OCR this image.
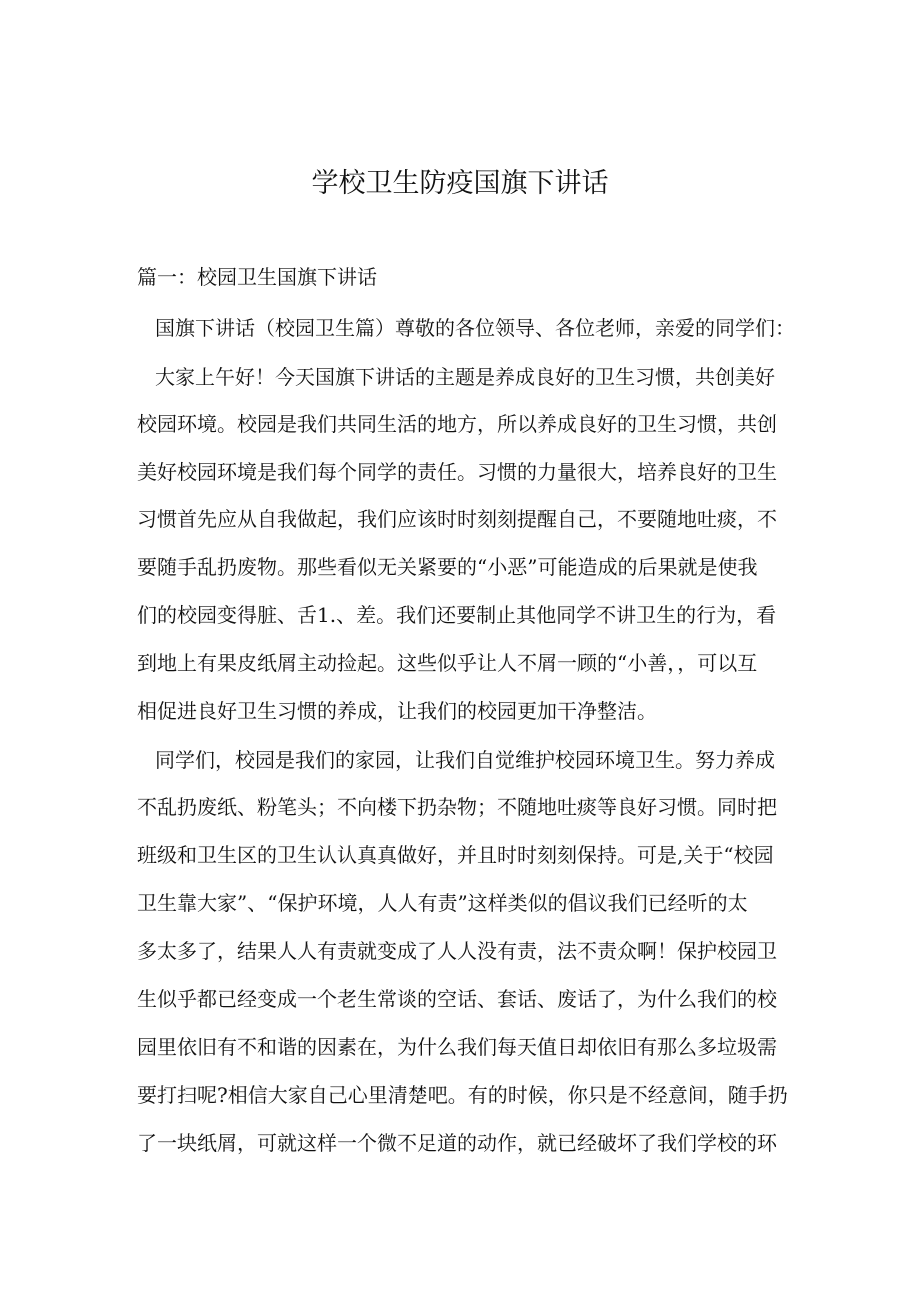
学校卫生防疫国旗下讲话
篇一：校园卫生国旗下讲话
国旗下讲话（校园卫生篇）尊敬的各位领导、各位老师，亲爱的同学们：
大家上午好！今天国旗下讲话的主题是养成良好的卫生习惯，共创美好
校园环境。校园是我们共同生活的地方，所以养成良好的卫生习惯，共创
美好校园环境是我们每个同学的责任。习惯的力量很大，培养良好的卫生
习惯首先应从自我做起，我们应该时时刻刻提醒自己，不要随地吐痰，不
要随手乱扔废物。那些看似无关紧要的“小恶”可能造成的后果就是使我
们的校园变得脏、舌1.、差。我们还要制止其他同学不讲卫生的行为，看
到地上有果皮纸屑主动捡起。这些似乎让人不屑一顾的“小善，，可以互
相促进良好卫生习惯的养成，让我们的校园更加干净整洁。
同学们，校园是我们的家园，让我们自觉维护校园环境卫生。努力养成
不乱扔废纸、粉笔头；不向楼下扔杂物；不随地吐痰等良好习惯。同时把
班级和卫生区的卫生认认真真做好，并且时时刻刻保持。可是,关于“校园
卫生靠大家”、“保护环境，人人有责”这样类似的倡议我们已经听的太
多太多了，结果人人有责就变成了人人没有责，法不责众啊！保护校园卫
生似乎都已经变成一个老生常谈的空话、套话、废话了，为什么我们的校
园里依旧有不和谐的因素在，为什么我们每天值日却依旧有那么多垃圾需
要打扫呢?相信大家自己心里清楚吧。有的时候，你只是不经意间，随手扔
了一块纸屑，可就这样一个微不足道的动作，就已经破坏了我们学校的环
